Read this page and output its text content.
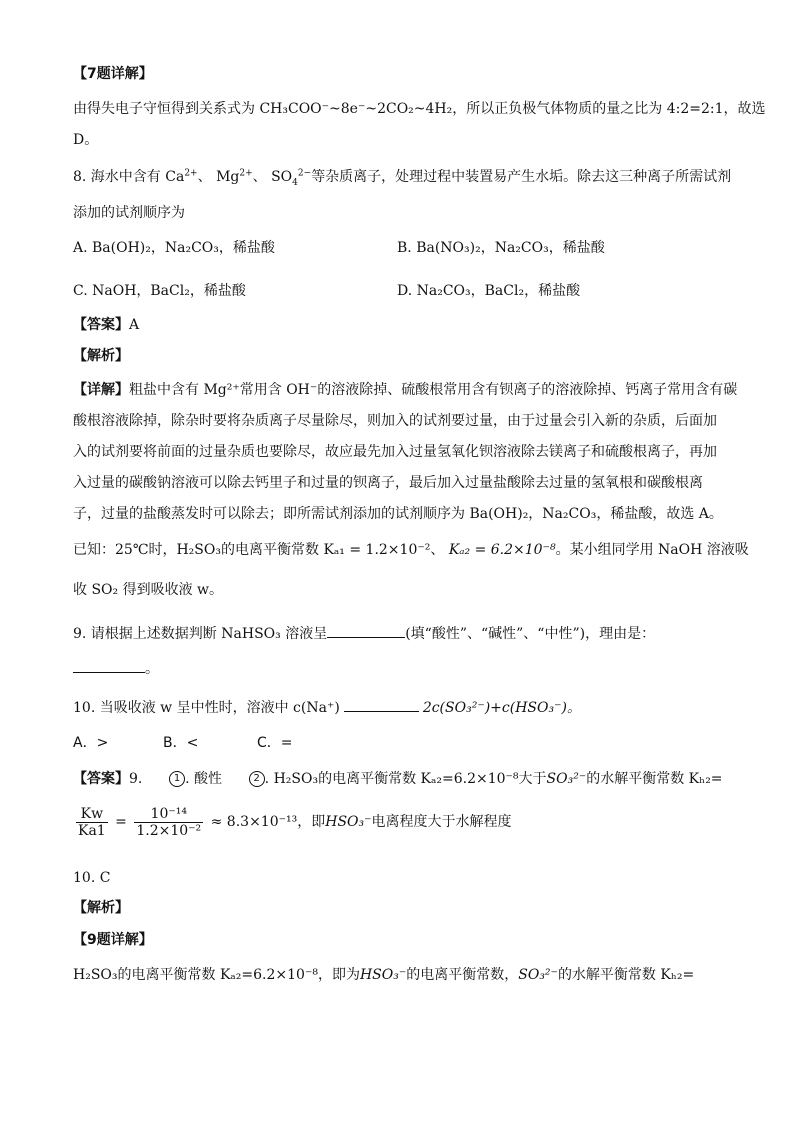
【7题详解】
由得失电子守恒得到关系式为 CH₃COO⁻~8e⁻~2CO₂~4H₂，所以正负极气体物质的量之比为 4:2=2:1，故选
D。
8. 海水中含有 $Ca^{2+}$、 $Mg^{2+}$、 $SO_4^{2-}$等杂质离子，处理过程中装置易产生水垢。除去这三种离子所需试剂
添加的试剂顺序为
A. Ba(OH)₂，Na₂CO₃，稀盐酸	B. Ba(NO₃)₂，Na₂CO₃，稀盐酸
C. NaOH，BaCl₂，稀盐酸	D. Na₂CO₃，BaCl₂，稀盐酸
【答案】A
【解析】
【详解】粗盐中含有 Mg²⁺常用含 OH⁻的溶液除掉、硫酸根常用含有钡离子的溶液除掉、钙离子常用含有碳
酸根溶液除掉，除杂时要将杂质离子尽量除尽，则加入的试剂要过量，由于过量会引入新的杂质，后面加
入的试剂要将前面的过量杂质也要除尽，故应最先加入过量氢氧化钡溶液除去镁离子和硫酸根离子，再加
入过量的碳酸钠溶液可以除去钙里子和过量的钡离子，最后加入过量盐酸除去过量的氢氧根和碳酸根离
子，过量的盐酸蒸发时可以除去；即所需试剂添加的试剂顺序为 Ba(OH)₂，Na₂CO₃，稀盐酸，故选 A。
已知：25℃时，H₂SO₃的电离平衡常数 Kₐ₁ = 1.2×10⁻²、 Kₐ₂ = 6.2×10⁻⁸。某小组同学用 NaOH 溶液吸
收 SO₂ 得到吸收液 w。
9. 请根据上述数据判断 NaHSO₃ 溶液呈	(填“酸性”、“碱性”、“中性”)，理由是：
。
10. 当吸收液 w 呈中性时，溶液中 c(Na⁺)	2c(SO₃²⁻)+c(HSO₃⁻)。
A．>	B．<	C．=
【答案】9.	1 . 酸性	2 . H₂SO₃的电离平衡常数 Kₐ₂=6.2×10⁻⁸大于SO₃²⁻的水解平衡常数 Kₕ₂=
$\frac{Kw}{Ka1} = \frac{\text{10⁻¹⁴}}{\text{1.2×10⁻²}} \approx 8.3\times 10^{-13}$，即HSO₃⁻电离程度大于水解程度
10. C
【解析】
【9题详解】
H₂SO₃的电离平衡常数 Kₐ₂=6.2×10⁻⁸，即为HSO₃⁻的电离平衡常数，SO₃²⁻的水解平衡常数 Kₕ₂=
